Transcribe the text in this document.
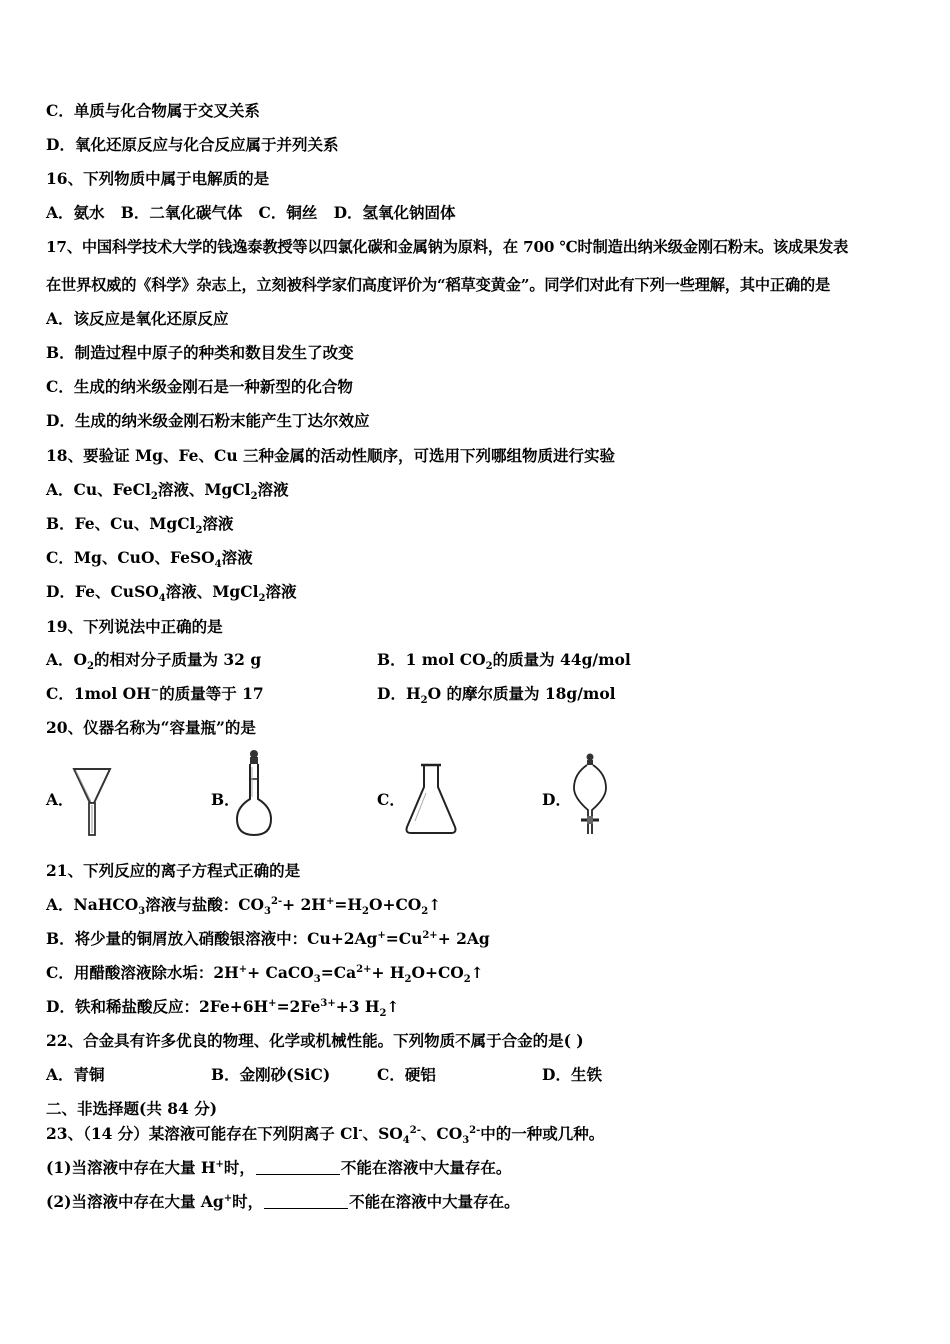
C．单质与化合物属于交叉关系
D．氧化还原反应与化合反应属于并列关系
16、下列物质中属于电解质的是
A．氨水 B．二氧化碳气体 C．铜丝 D．氢氧化钠固体
17、中国科学技术大学的钱逸泰教授等以四氯化碳和金属钠为原料，在 700 ℃时制造出纳米级金刚石粉末。该成果发表
在世界权威的《科学》杂志上，立刻被科学家们高度评价为“稻草变黄金”。同学们对此有下列一些理解，其中正确的是
A．该反应是氧化还原反应
B．制造过程中原子的种类和数目发生了改变
C．生成的纳米级金刚石是一种新型的化合物
D．生成的纳米级金刚石粉末能产生丁达尔效应
18、要验证 Mg、Fe、Cu 三种金属的活动性顺序，可选用下列哪组物质进行实验
A．Cu、FeCl$_2$溶液、MgCl$_2$溶液
B．Fe、Cu、MgCl$_2$溶液
C．Mg、CuO、FeSO$_4$溶液
D．Fe、CuSO$_4$溶液、MgCl$_2$溶液
19、下列说法中正确的是
A．$O_2$的相对分子质量为 32 g	B．1 mol $CO_2$的质量为 44g/mol
C．1mol OH−的质量等于 17	D．$H_2O$ 的摩尔质量为 18g/mol
20、仪器名称为“容量瓶”的是
A．	B．	C．	D．
21、下列反应的离子方程式正确的是
A．NaHCO$_3$溶液与盐酸：$CO_3^{2-}+$ $2H^+=H_2O+CO_2↑$
B．将少量的铜屑放入硝酸银溶液中：$Cu+2Ag^+=Cu^{2+}+ 2Ag$
C．用醋酸溶液除水垢：$2H^++ CaCO_3=Ca^{2+}+$ $H_2O+CO_2↑$
D．铁和稀盐酸反应：$2Fe+6H^+=2Fe^{3+}+3$ $H_2↑$
22、合金具有许多优良的物理、化学或机械性能。下列物质不属于合金的是( )
A．青铜	B．金刚砂(SiC)	C．硬铝	D．生铁
二、非选择题(共 84 分)
23、（14 分）某溶液可能存在下列阴离子 Cl-、$SO_4^{2-}$、$CO_3^{2-}$中的一种或几种。
(1)当溶液中存在大量 H+时，	不能在溶液中大量存在。
(2)当溶液中存在大量 Ag+时，	不能在溶液中大量存在。
